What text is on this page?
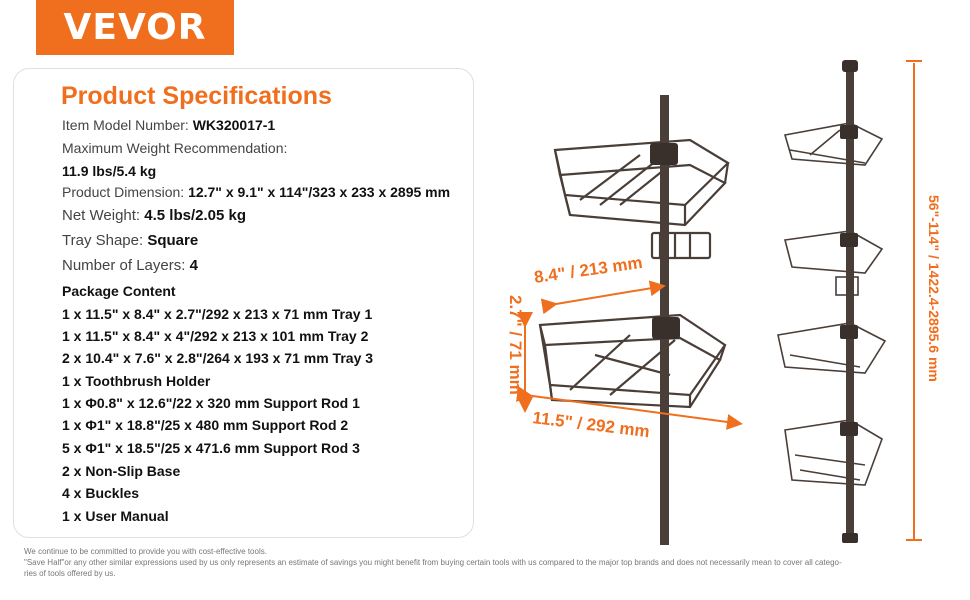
VEVOR
Product Specifications
Item Model Number: WK320017-1
Maximum Weight Recommendation:
11.9 lbs/5.4 kg
Product Dimension: 12.7" x 9.1" x 114"/323 x 233 x 2895 mm
Net Weight: 4.5 lbs/2.05 kg
Tray Shape: Square
Number of Layers: 4
Package Content
1 x 11.5" x 8.4" x 2.7"/292 x 213 x 71 mm Tray 1
1 x 11.5" x 8.4" x 4"/292 x 213 x 101 mm Tray 2
2 x 10.4" x 7.6" x 2.8"/264 x 193 x 71 mm Tray 3
1 x Toothbrush Holder
1 x Φ0.8" x 12.6"/22 x 320 mm Support Rod 1
1 x Φ1" x 18.8"/25 x 480 mm Support Rod 2
5 x Φ1" x 18.5"/25 x 471.6 mm Support Rod 3
2 x Non-Slip Base
4 x Buckles
1 x User Manual
8.4" / 213 mm
2.7" / 71 mm
11.5" / 292 mm
56"-114" / 1422.4-2895.6 mm
We continue to be committed to provide you with cost-effective tools.
"Save Half"or any other similar expressions used by us only represents an estimate of savings you might benefit from buying certain tools with us compared to the major top brands and does not necessarily mean to cover all catego-
ries of tools offered by us.
